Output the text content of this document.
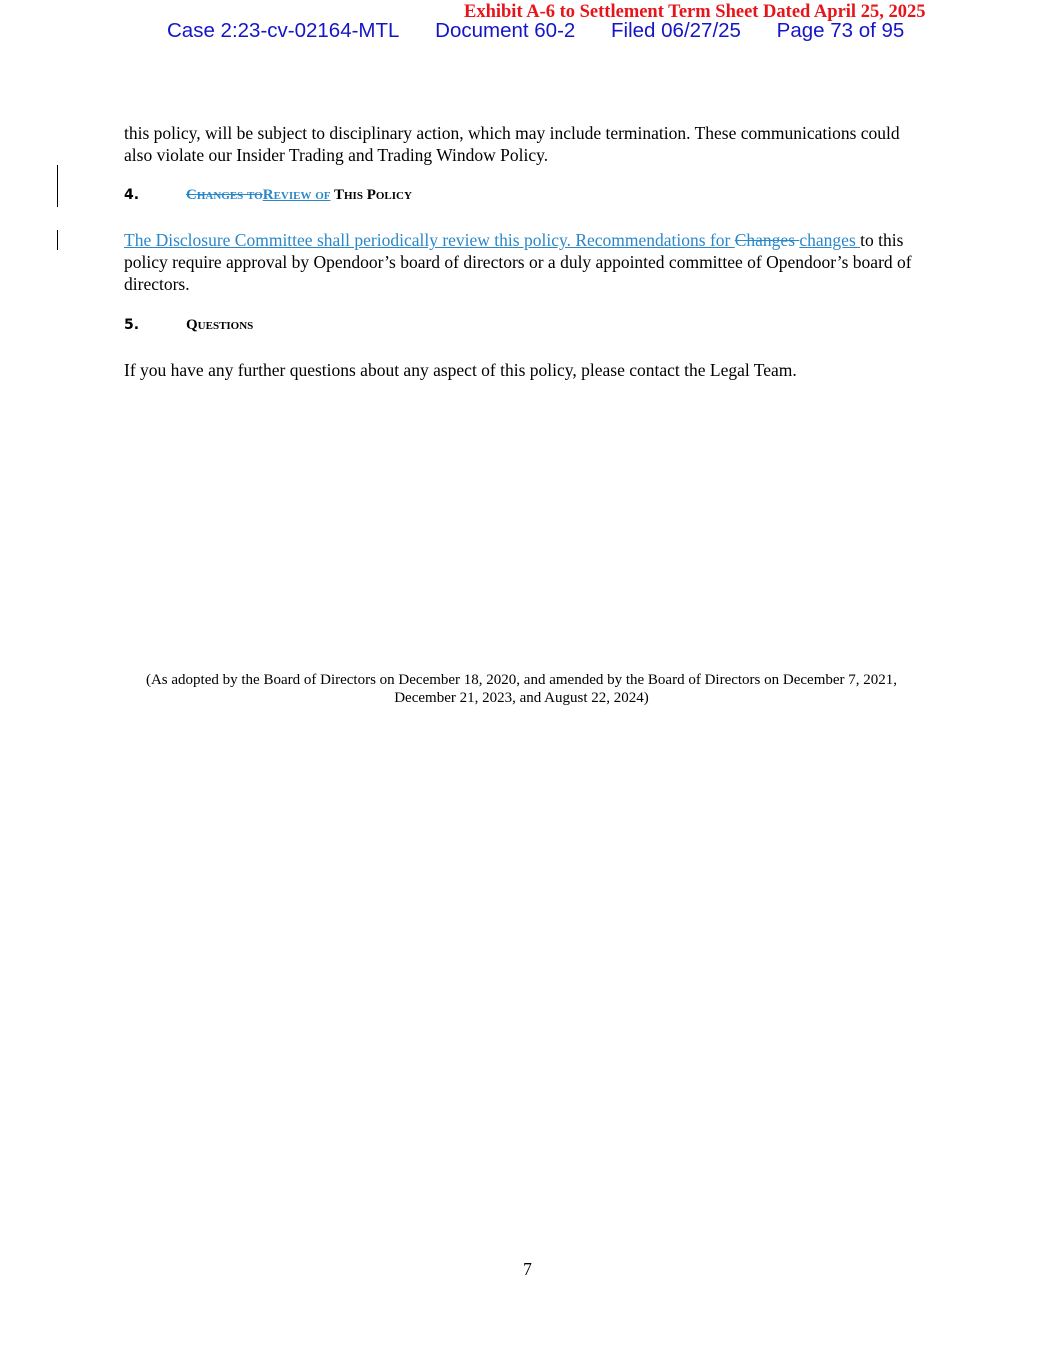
Exhibit A-6 to Settlement Term Sheet Dated April 25, 2025
Case 2:23-cv-02164-MTL Document 60-2 Filed 06/27/25 Page 73 of 95
this policy, will be subject to disciplinary action, which may include termination. These communications could also violate our Insider Trading and Trading Window Policy.
4.	Changes toReview of This Policy
The Disclosure Committee shall periodically review this policy. Recommendations for Changes changes to this policy require approval by Opendoor’s board of directors or a duly appointed committee of Opendoor’s board of directors.
5.	Questions
If you have any further questions about any aspect of this policy, please contact the Legal Team.
(As adopted by the Board of Directors on December 18, 2020, and amended by the Board of Directors on December 7, 2021, December 21, 2023, and August 22, 2024)
7
